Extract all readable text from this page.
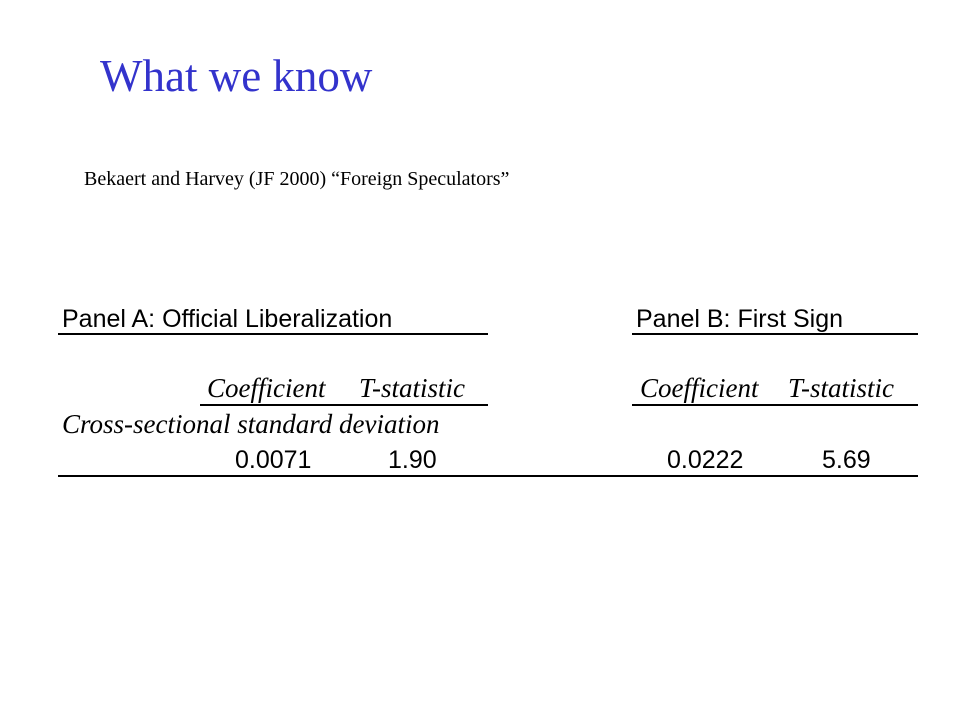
What we know
Bekaert and Harvey (JF 2000) “Foreign Speculators”
Panel A: Official Liberalization	Panel B: First Sign
Coefficient T-statistic	Coefficient T-statistic
Cross-sectional standard deviation
0.0071	1.90	0.0222	5.69
